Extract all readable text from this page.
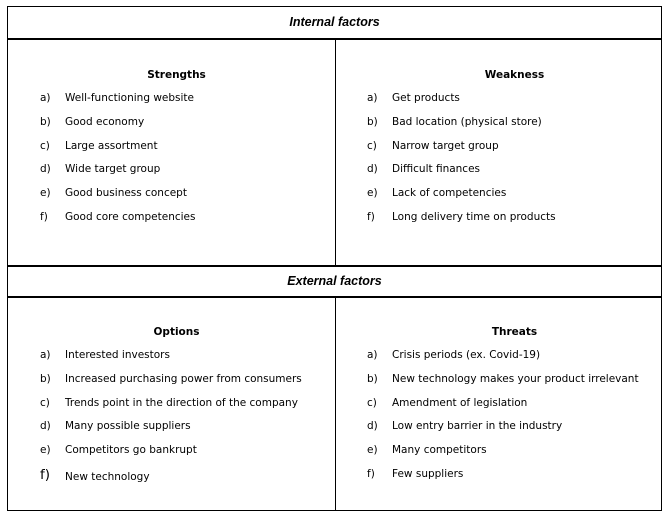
Internal factors
Strengths
a) Well-functioning website
b) Good economy
c) Large assortment
d) Wide target group
e) Good business concept
f) Good core competencies
Weakness
a) Get products
b) Bad location (physical store)
c) Narrow target group
d) Difficult finances
e) Lack of competencies
f) Long delivery time on products
External factors
Options
a) Interested investors
b) Increased purchasing power from consumers
c) Trends point in the direction of the company
d) Many possible suppliers
e) Competitors go bankrupt
f) New technology
Threats
a) Crisis periods (ex. Covid-19)
b) New technology makes your product irrelevant
c) Amendment of legislation
d) Low entry barrier in the industry
e) Many competitors
f) Few suppliers
